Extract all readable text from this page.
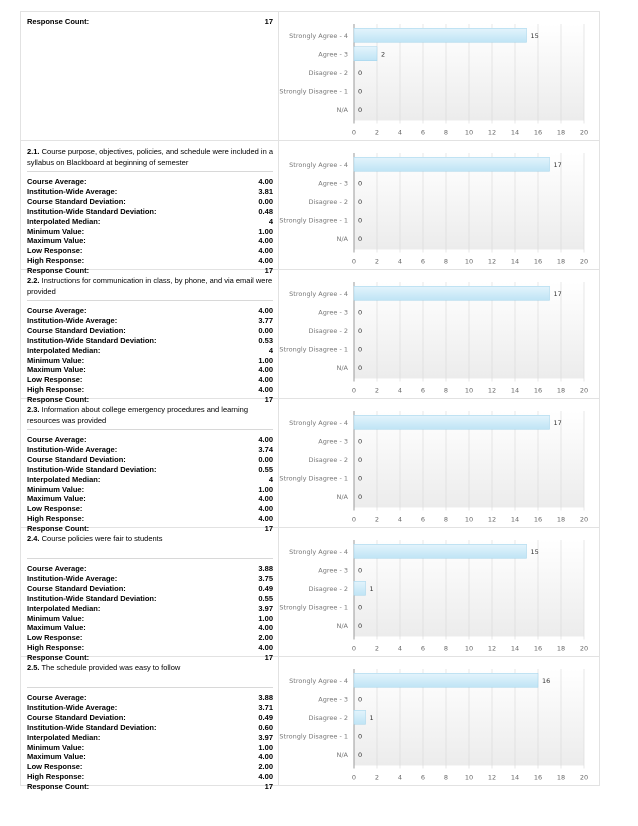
Response Count:	17
0	2	4	6	8	10 12 14 16 18 20
Strongly Agree - 4	15
Agree - 3	2
Disagree - 2 0
Strongly Disagree - 1 0
N/A 0
2.1. Course purpose, objectives, policies, and schedule were included in a syllabus on Blackboard at beginning of semester
Course Average:	4.00
Institution-Wide Average:	3.81
Course Standard Deviation:	0.00
Institution-Wide Standard Deviation:	0.48
Interpolated Median:	4
Minimum Value:	1.00
Maximum Value:	4.00
Low Response:	4.00
High Response:	4.00
Response Count:	17
0	2	4	6	8	10 12 14 16 18 20
Strongly Agree - 4	17
Agree - 3 0
Disagree - 2 0
Strongly Disagree - 1 0
N/A 0
2.2. Instructions for communication in class, by phone, and via email were provided
Course Average:	4.00
Institution-Wide Average:	3.77
Course Standard Deviation:	0.00
Institution-Wide Standard Deviation:	0.53
Interpolated Median:	4
Minimum Value:	1.00
Maximum Value:	4.00
Low Response:	4.00
High Response:	4.00
Response Count:	17
0	2	4	6	8	10 12 14 16 18 20
Strongly Agree - 4	17
Agree - 3 0
Disagree - 2 0
Strongly Disagree - 1 0
N/A 0
2.3. Information about college emergency procedures and learning resources was provided
Course Average:	4.00
Institution-Wide Average:	3.74
Course Standard Deviation:	0.00
Institution-Wide Standard Deviation:	0.55
Interpolated Median:	4
Minimum Value:	1.00
Maximum Value:	4.00
Low Response:	4.00
High Response:	4.00
Response Count:	17
0	2	4	6	8	10 12 14 16 18 20
Strongly Agree - 4	17
Agree - 3 0
Disagree - 2 0
Strongly Disagree - 1 0
N/A 0
2.4. Course policies were fair to students
Course Average:	3.88
Institution-Wide Average:	3.75
Course Standard Deviation:	0.49
Institution-Wide Standard Deviation:	0.55
Interpolated Median:	3.97
Minimum Value:	1.00
Maximum Value:	4.00
Low Response:	2.00
High Response:	4.00
Response Count:	17
0	2	4	6	8	10 12 14 16 18 20
Strongly Agree - 4	15
Agree - 3 0
Disagree - 2	1
Strongly Disagree - 1 0
N/A 0
2.5. The schedule provided was easy to follow
Course Average:	3.88
Institution-Wide Average:	3.71
Course Standard Deviation:	0.49
Institution-Wide Standard Deviation:	0.60
Interpolated Median:	3.97
Minimum Value:	1.00
Maximum Value:	4.00
Low Response:	2.00
High Response:	4.00
Response Count:	17
0	2	4	6	8	10 12 14 16 18 20
Strongly Agree - 4	16
Agree - 3 0
Disagree - 2	1
Strongly Disagree - 1 0
N/A 0
